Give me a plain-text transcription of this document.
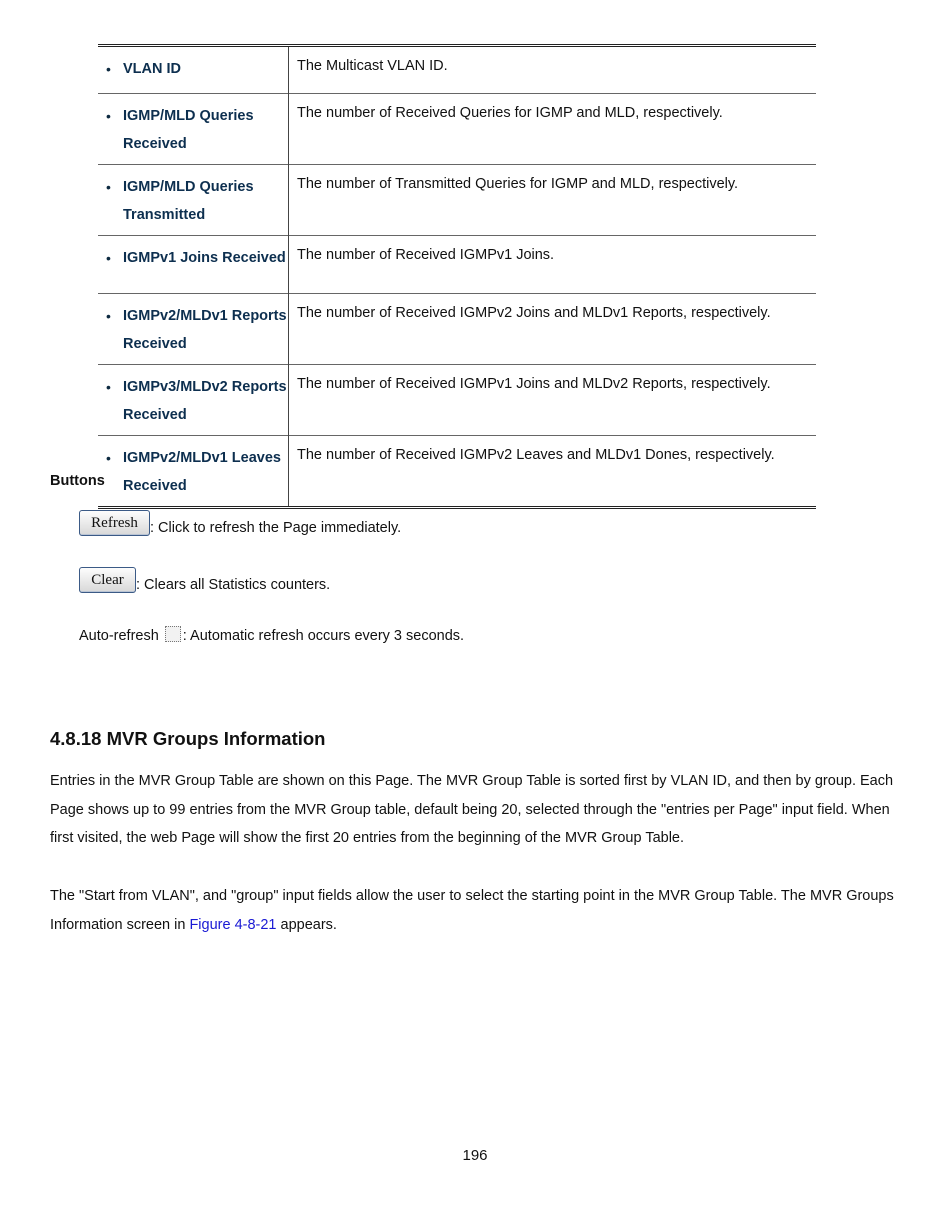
• VLAN ID	The Multicast VLAN ID.

• IGMP/MLD Queries Received	The number of Received Queries for IGMP and MLD, respectively.

• IGMP/MLD Queries Transmitted	The number of Transmitted Queries for IGMP and MLD, respectively.

• IGMPv1 Joins Received	The number of Received IGMPv1 Joins.

• IGMPv2/MLDv1 Reports Received	The number of Received IGMPv2 Joins and MLDv1 Reports, respectively.

• IGMPv3/MLDv2 Reports Received	The number of Received IGMPv1 Joins and MLDv2 Reports, respectively.

• IGMPv2/MLDv1 Leaves Received	The number of Received IGMPv2 Leaves and MLDv1 Dones, respectively.
Buttons
Refresh : Click to refresh the Page immediately.
Clear : Clears all Statistics counters.
Auto-refresh : Automatic refresh occurs every 3 seconds.
4.8.18 MVR Groups Information

Entries in the MVR Group Table are shown on this Page. The MVR Group Table is sorted first by VLAN ID, and then by group. Each Page shows up to 99 entries from the MVR Group table, default being 20, selected through the "entries per Page" input field. When first visited, the web Page will show the first 20 entries from the beginning of the MVR Group Table.

The "Start from VLAN", and "group" input fields allow the user to select the starting point in the MVR Group Table. The MVR Groups Information screen in Figure 4-8-21 appears.

196
